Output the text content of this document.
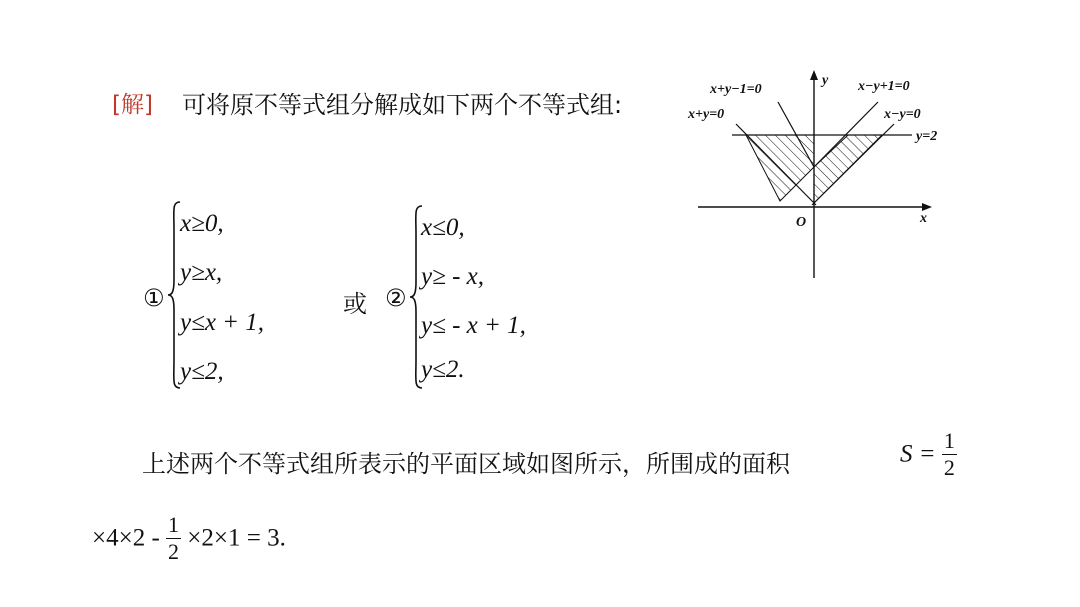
[解] 可将原不等式组分解成如下两个不等式组:
①
x≥0,
y≥x,
y≤x + 1,
y≤2,
或 ②
x≤0,
y≥ - x,
y≤ - x + 1,
y≤2.
上述两个不等式组所表示的平面区域如图所示，所围成的面积	$S = \frac{1}{2}$
$\times 4\times 2 - \frac{1}{2} \times 2\times 1 = 3$.
x+y−1=0
x+y=0
x−y+1=0
x−y=0
y=2
x
y
O
